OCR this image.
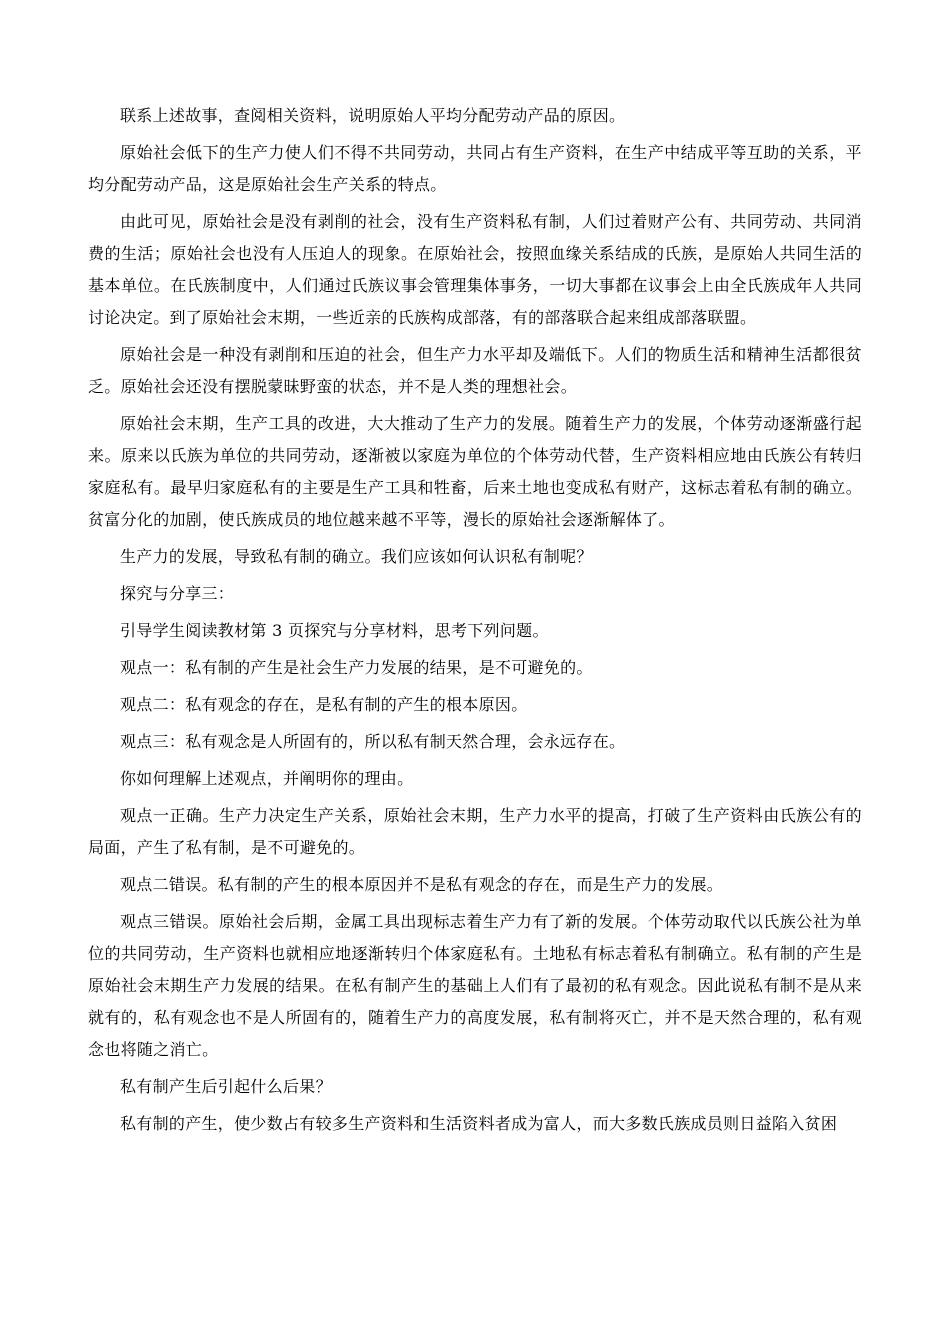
联系上述故事，查阅相关资料，说明原始人平均分配劳动产品的原因。

原始社会低下的生产力使人们不得不共同劳动，共同占有生产资料，在生产中结成平等互助的关系，平均分配劳动产品，这是原始社会生产关系的特点。

由此可见，原始社会是没有剥削的社会，没有生产资料私有制，人们过着财产公有、共同劳动、共同消费的生活；原始社会也没有人压迫人的现象。在原始社会，按照血缘关系结成的氏族，是原始人共同生活的基本单位。在氏族制度中，人们通过氏族议事会管理集体事务，一切大事都在议事会上由全氏族成年人共同讨论决定。到了原始社会末期，一些近亲的氏族构成部落，有的部落联合起来组成部落联盟。

原始社会是一种没有剥削和压迫的社会，但生产力水平却及端低下。人们的物质生活和精神生活都很贫乏。原始社会还没有摆脱蒙昧野蛮的状态，并不是人类的理想社会。

原始社会末期，生产工具的改进，大大推动了生产力的发展。随着生产力的发展，个体劳动逐渐盛行起来。原来以氏族为单位的共同劳动，逐渐被以家庭为单位的个体劳动代替，生产资料相应地由氏族公有转归家庭私有。最早归家庭私有的主要是生产工具和牲畜，后来土地也变成私有财产，这标志着私有制的确立。贫富分化的加剧，使氏族成员的地位越来越不平等，漫长的原始社会逐渐解体了。

生产力的发展，导致私有制的确立。我们应该如何认识私有制呢？

探究与分享三：

引导学生阅读教材第 3 页探究与分享材料，思考下列问题。

观点一：私有制的产生是社会生产力发展的结果，是不可避免的。

观点二：私有观念的存在，是私有制的产生的根本原因。

观点三：私有观念是人所固有的，所以私有制天然合理，会永远存在。

你如何理解上述观点，并阐明你的理由。

观点一正确。生产力决定生产关系，原始社会末期，生产力水平的提高，打破了生产资料由氏族公有的局面，产生了私有制，是不可避免的。

观点二错误。私有制的产生的根本原因并不是私有观念的存在，而是生产力的发展。

观点三错误。原始社会后期，金属工具出现标志着生产力有了新的发展。个体劳动取代以氏族公社为单位的共同劳动，生产资料也就相应地逐渐转归个体家庭私有。土地私有标志着私有制确立。私有制的产生是原始社会末期生产力发展的结果。在私有制产生的基础上人们有了最初的私有观念。因此说私有制不是从来就有的，私有观念也不是人所固有的，随着生产力的高度发展，私有制将灭亡，并不是天然合理的，私有观念也将随之消亡。

私有制产生后引起什么后果？

私有制的产生，使少数占有较多生产资料和生活资料者成为富人，而大多数氏族成员则日益陷入贫困
